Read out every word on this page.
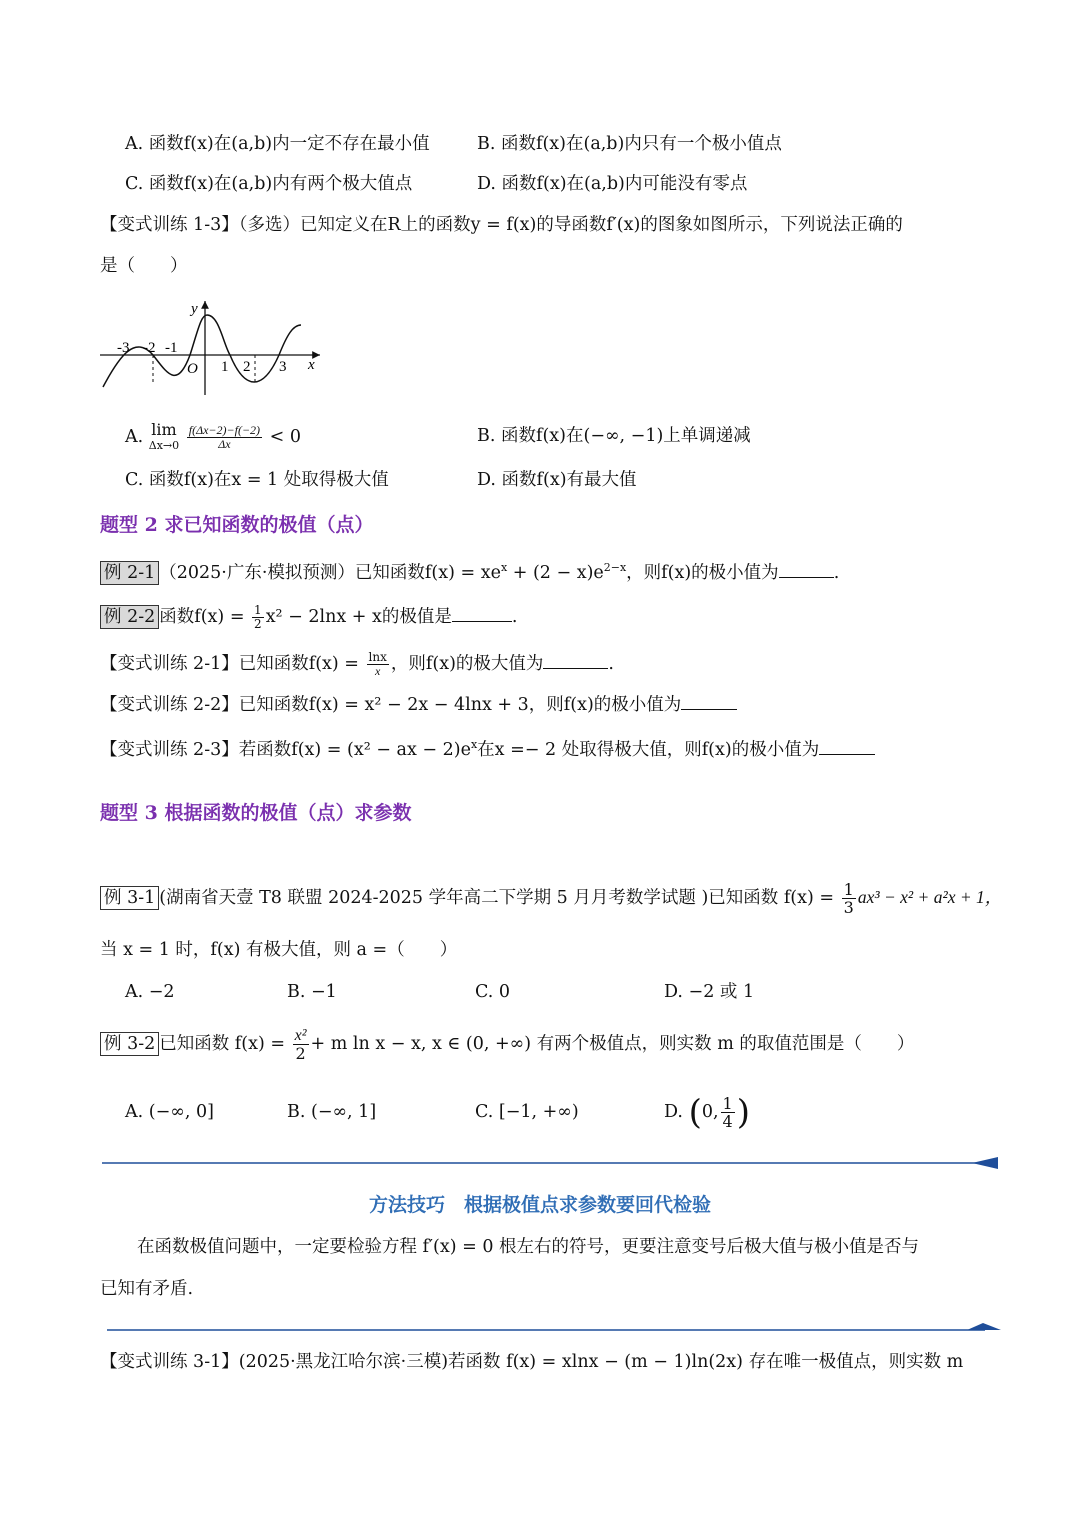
A. 函数f(x)在(a,b)内一定不存在最小值	B. 函数f(x)在(a,b)内只有一个极小值点
C. 函数f(x)在(a,b)内有两个极大值点	D. 函数f(x)在(a,b)内可能没有零点
【变式训练 1-3】（多选）已知定义在R上的函数y = f(x)的导函数f′(x)的图象如图所示，下列说法正确的
是（　　）
y
x
O
-3 -2 -1
1 2 3
A. lim
Δx→0
$\frac{f(\Delta x-2)-f(-2)}{\Delta x} < 0$	B. 函数f(x)在(−∞, −1)上单调递减
C. 函数f(x)在x = 1 处取得极大值	D. 函数f(x)有最大值
题型 2 求已知函数的极值（点）
例 2-1 （2025·广东·模拟预测）已知函数$f(x) = xe^x + (2 - x)e^{2-x}$，则f(x)的极小值为	.
例 2-2 函数$f(x) = \frac{1}{2} x^2 - 2\ln x + x$的极值是	.
【变式训练 2-1】已知函数$f(x) = \frac{\ln x}{x}$ ，则f(x)的极大值为	.
【变式训练 2-2】已知函数f(x) = x² − 2x − 4lnx + 3，则f(x)的极小值为
【变式训练 2-3】若函数f(x) = (x² − ax − $2)e^x$在x =− 2 处取得极大值，则f(x)的极小值为
题型 3 根据函数的极值（点）求参数
例 3-1 (湖南省天壹 T8 联盟 2024-2025 学年高二下学期 5 月月考数学试题 )已知函数 $f(x) = \frac{1}{3} ax^3 - x^2 + a^2x + 1$，
当 x = 1 时，f(x) 有极大值，则 a =（　　）
A. −2	B. −1	C. 0	D. −2 或 1
例 3-2 已知函数 $f(x) = \frac{\text{x²}}{2} + m$ ln x − x, x ∈ (0, +∞) 有两个极值点，则实数 m 的取值范围是（　　）
A. (−∞, 0]	B. (−∞, 1]	C. [−1, +∞)	D. (0, $\frac{1}{4}$ )
方法技巧　根据极值点求参数要回代检验
在函数极值问题中，一定要检验方程 f′(x) = 0 根左右的符号，更要注意变号后极大值与极小值是否与
已知有矛盾.
【变式训练 3-1】(2025·黑龙江哈尔滨·三模)若函数 f(x) = xlnx − (m − 1)ln(2x) 存在唯一极值点，则实数 m
